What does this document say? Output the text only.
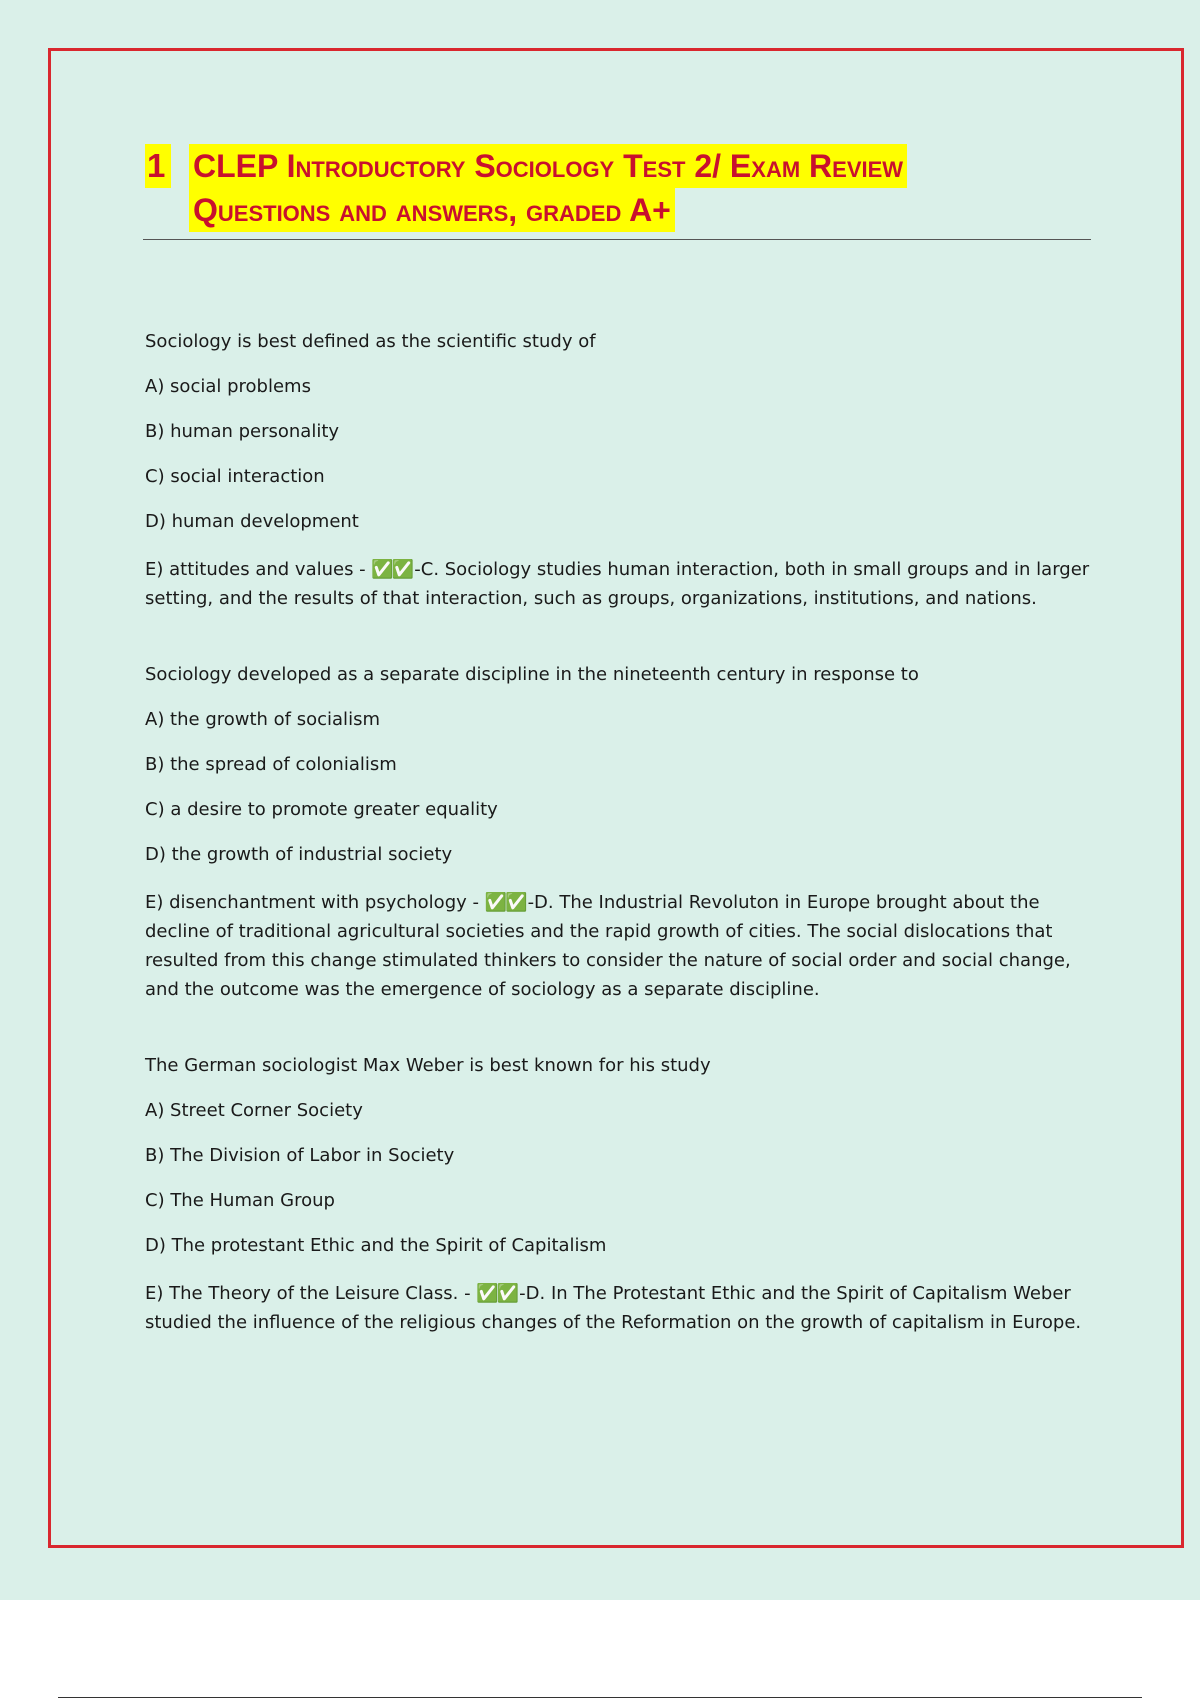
1 CLEP Introductory Sociology Test 2/ Exam Review
Questions and answers, graded A+

Sociology is best defined as the scientific study of

A) social problems

B) human personality

C) social interaction

D) human development

E) attitudes and values - ✅✅ -C. Sociology studies human interaction, both in small groups and in larger setting, and the results of that interaction, such as groups, organizations, institutions, and nations.

Sociology developed as a separate discipline in the nineteenth century in response to

A) the growth of socialism

B) the spread of colonialism

C) a desire to promote greater equality

D) the growth of industrial society

E) disenchantment with psychology - ✅✅ -D. The Industrial Revoluton in Europe brought about the decline of traditional agricultural societies and the rapid growth of cities. The social dislocations that resulted from this change stimulated thinkers to consider the nature of social order and social change, and the outcome was the emergence of sociology as a separate discipline.

The German sociologist Max Weber is best known for his study

A) Street Corner Society

B) The Division of Labor in Society

C) The Human Group

D) The protestant Ethic and the Spirit of Capitalism

E) The Theory of the Leisure Class. - ✅✅ -D. In The Protestant Ethic and the Spirit of Capitalism Weber studied the influence of the religious changes of the Reformation on the growth of capitalism in Europe.
